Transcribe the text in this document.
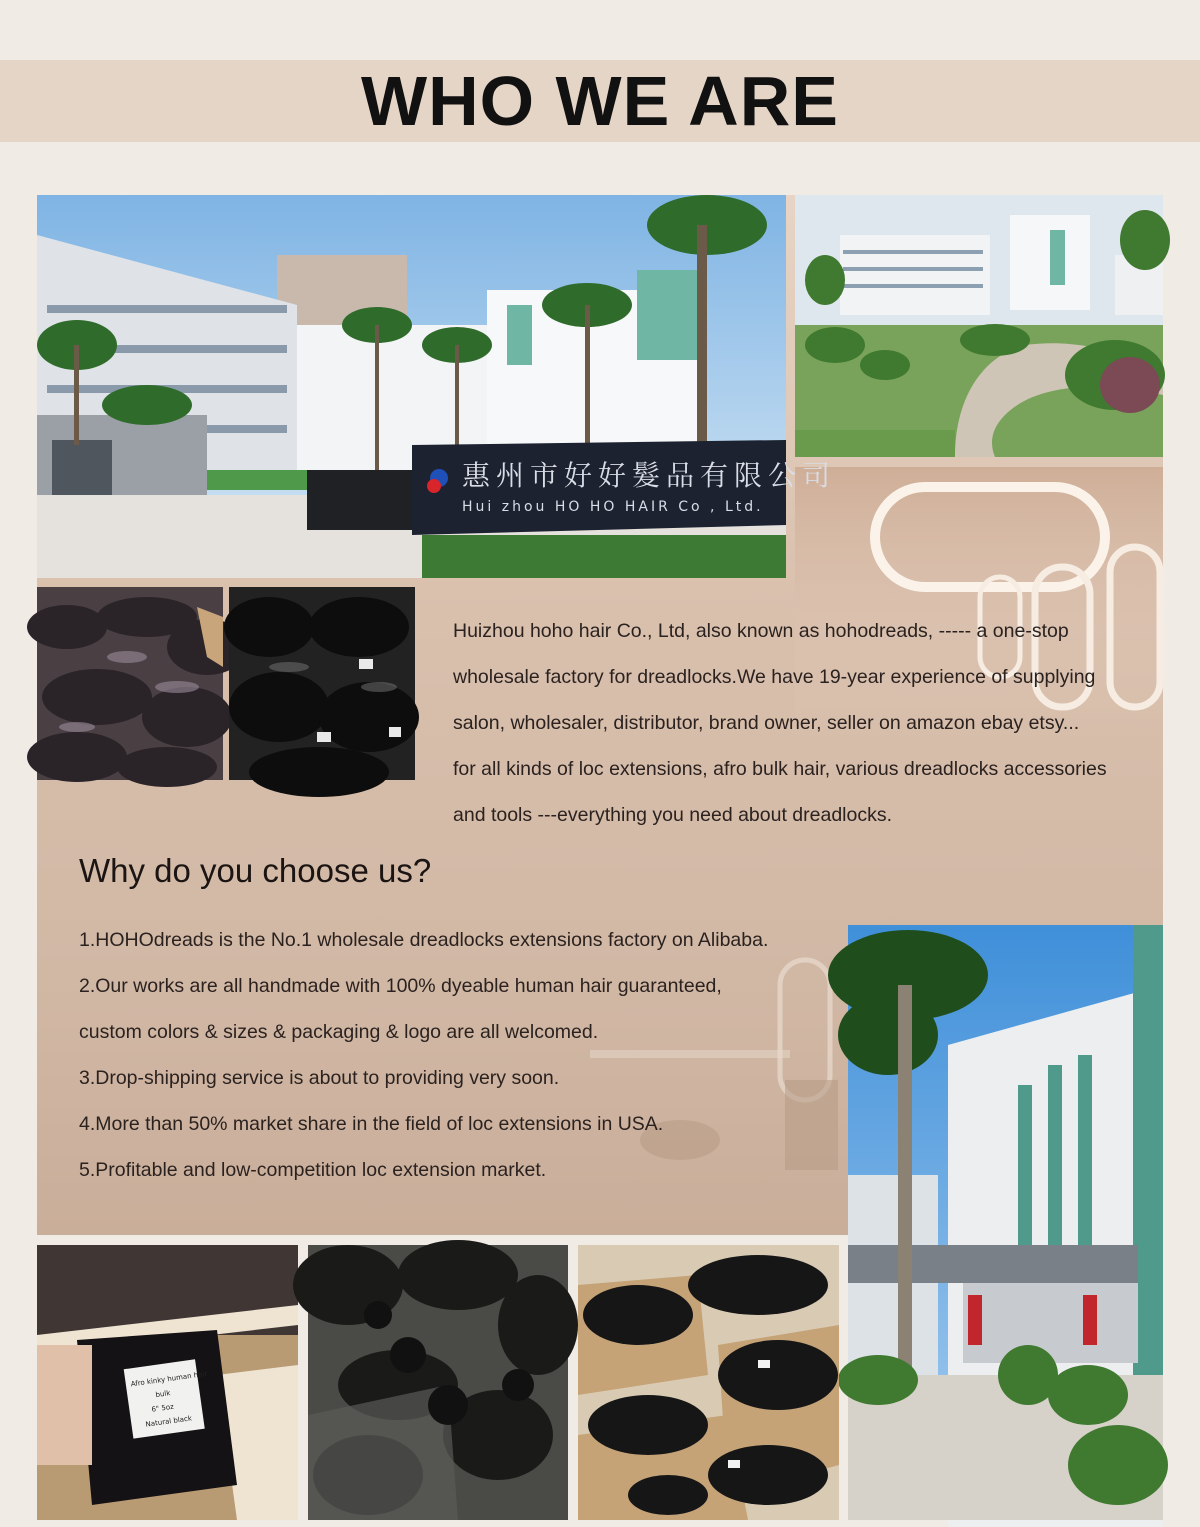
WHO WE ARE
惠州市好好髮品有限公司
Hui zhou HO HO HAIR Co , Ltd.

Huizhou hoho hair Co., Ltd, also known as hohodreads, ----- a one-stop

wholesale factory for dreadlocks.We have 19-year experience of supplying

salon, wholesaler, distributor, brand owner, seller on amazon ebay etsy...

for all kinds of loc extensions, afro bulk hair, various dreadlocks accessories

and tools ---everything you need about dreadlocks.

Why do you choose us?
1.HOHOdreads is the No.1 wholesale dreadlocks extensions factory on Alibaba.
2.Our works are all handmade with 100% dyeable human hair guaranteed,
custom colors & sizes & packaging & logo are all welcomed.
3.Drop-shipping service is about to providing very soon.
4.More than 50% market share in the field of loc extensions in USA.
5.Profitable and low-competition loc extension market.
Afro kinky human hair
bulk
6" 5oz
Natural black
